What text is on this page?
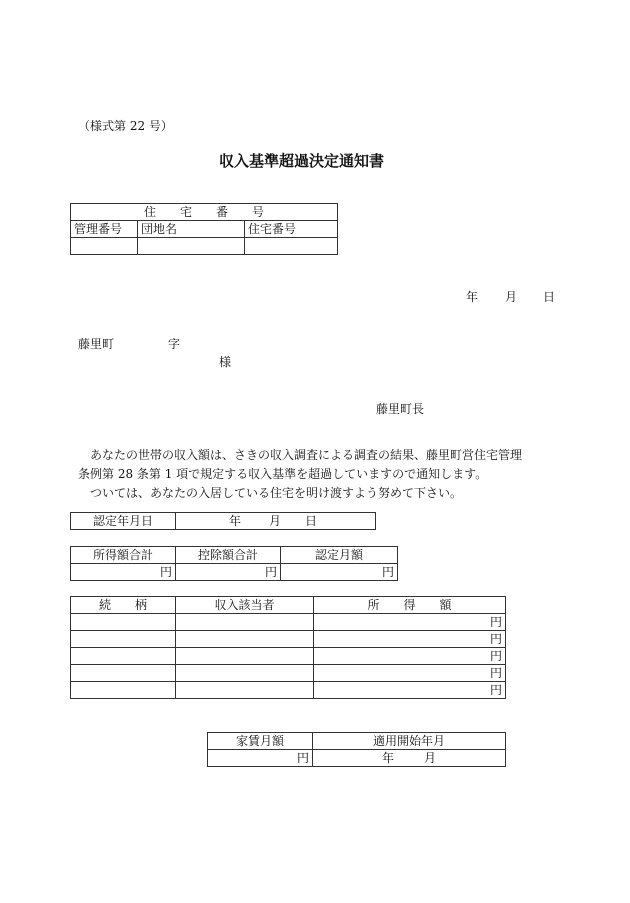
（様式第 22 号）
収入基準超過決定通知書
住　　宅　　番　　号		
管理番号	団地名	住宅番号

年 月 日
藤里町	字
様
藤里町長
あなたの世帯の収入額は、さきの収入調査による調査の結果、藤里町営住宅管理
条例第 28 条第 1 項で規定する収入基準を超過していますので通知します。
ついては、あなたの入居している住宅を明け渡すよう努めて下さい。
認定年月日	年 月 日
所得額合計	控除額合計	認定月額
円	円	円
続　　柄	収入該当者	所　　得　　額
		円
		円
		円
		円
		円
家賃月額	適用開始年月
円	年 月
